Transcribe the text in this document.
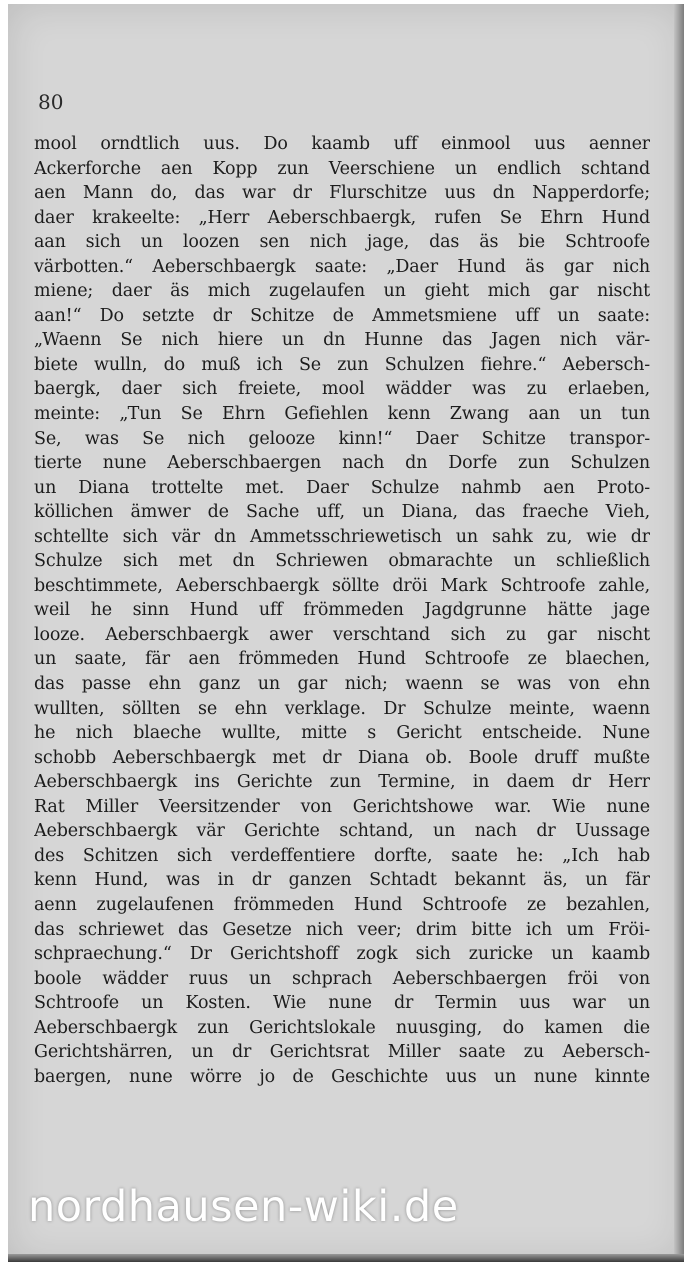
80
mool orndtlich uus. Do kaamb uff einmool uus aenner
Ackerforche aen Kopp zun Veerschiene un endlich schtand
aen Mann do, das war dr Flurschitze uus dn Napperdorfe;
daer krakeelte: „Herr Aeberschbaergk, rufen Se Ehrn Hund
aan sich un loozen sen nich jage, das äs bie Schtroofe
värbotten.“ Aeberschbaergk saate: „Daer Hund äs gar nich
miene; daer äs mich zugelaufen un gieht mich gar nischt
aan!“ Do setzte dr Schitze de Ammetsmiene uff un saate:
„Waenn Se nich hiere un dn Hunne das Jagen nich vär-
biete wulln, do muß ich Se zun Schulzen fiehre.“ Aebersch-
baergk, daer sich freiete, mool wädder was zu erlaeben,
meinte: „Tun Se Ehrn Gefiehlen kenn Zwang aan un tun
Se, was Se nich gelooze kinn!“ Daer Schitze transpor-
tierte nune Aeberschbaergen nach dn Dorfe zun Schulzen
un Diana trottelte met. Daer Schulze nahmb aen Proto-
köllichen ämwer de Sache uff, un Diana, das fraeche Vieh,
schtellte sich vär dn Ammetsschriewetisch un sahk zu, wie dr
Schulze sich met dn Schriewen obmarachte un schließlich
beschtimmete, Aeberschbaergk söllte dröi Mark Schtroofe zahle,
weil he sinn Hund uff frömmeden Jagdgrunne hätte jage
looze. Aeberschbaergk awer verschtand sich zu gar nischt
un saate, fär aen frömmeden Hund Schtroofe ze blaechen,
das passe ehn ganz un gar nich; waenn se was von ehn
wullten, söllten se ehn verklage. Dr Schulze meinte, waenn
he nich blaeche wullte, mitte s Gericht entscheide. Nune
schobb Aeberschbaergk met dr Diana ob. Boole druff mußte
Aeberschbaergk ins Gerichte zun Termine, in daem dr Herr
Rat Miller Veersitzender von Gerichtshowe war. Wie nune
Aeberschbaergk vär Gerichte schtand, un nach dr Uussage
des Schitzen sich verdeffentiere dorfte, saate he: „Ich hab
kenn Hund, was in dr ganzen Schtadt bekannt äs, un fär
aenn zugelaufenen frömmeden Hund Schtroofe ze bezahlen,
das schriewet das Gesetze nich veer; drim bitte ich um Fröi-
schpraechung.“ Dr Gerichtshoff zogk sich zuricke un kaamb
boole wädder ruus un schprach Aeberschbaergen fröi von
Schtroofe un Kosten. Wie nune dr Termin uus war un
Aeberschbaergk zun Gerichtslokale nuusging, do kamen die
Gerichtshärren, un dr Gerichtsrat Miller saate zu Aebersch-
baergen, nune wörre jo de Geschichte uus un nune kinnte
nordhausen-wiki.de
